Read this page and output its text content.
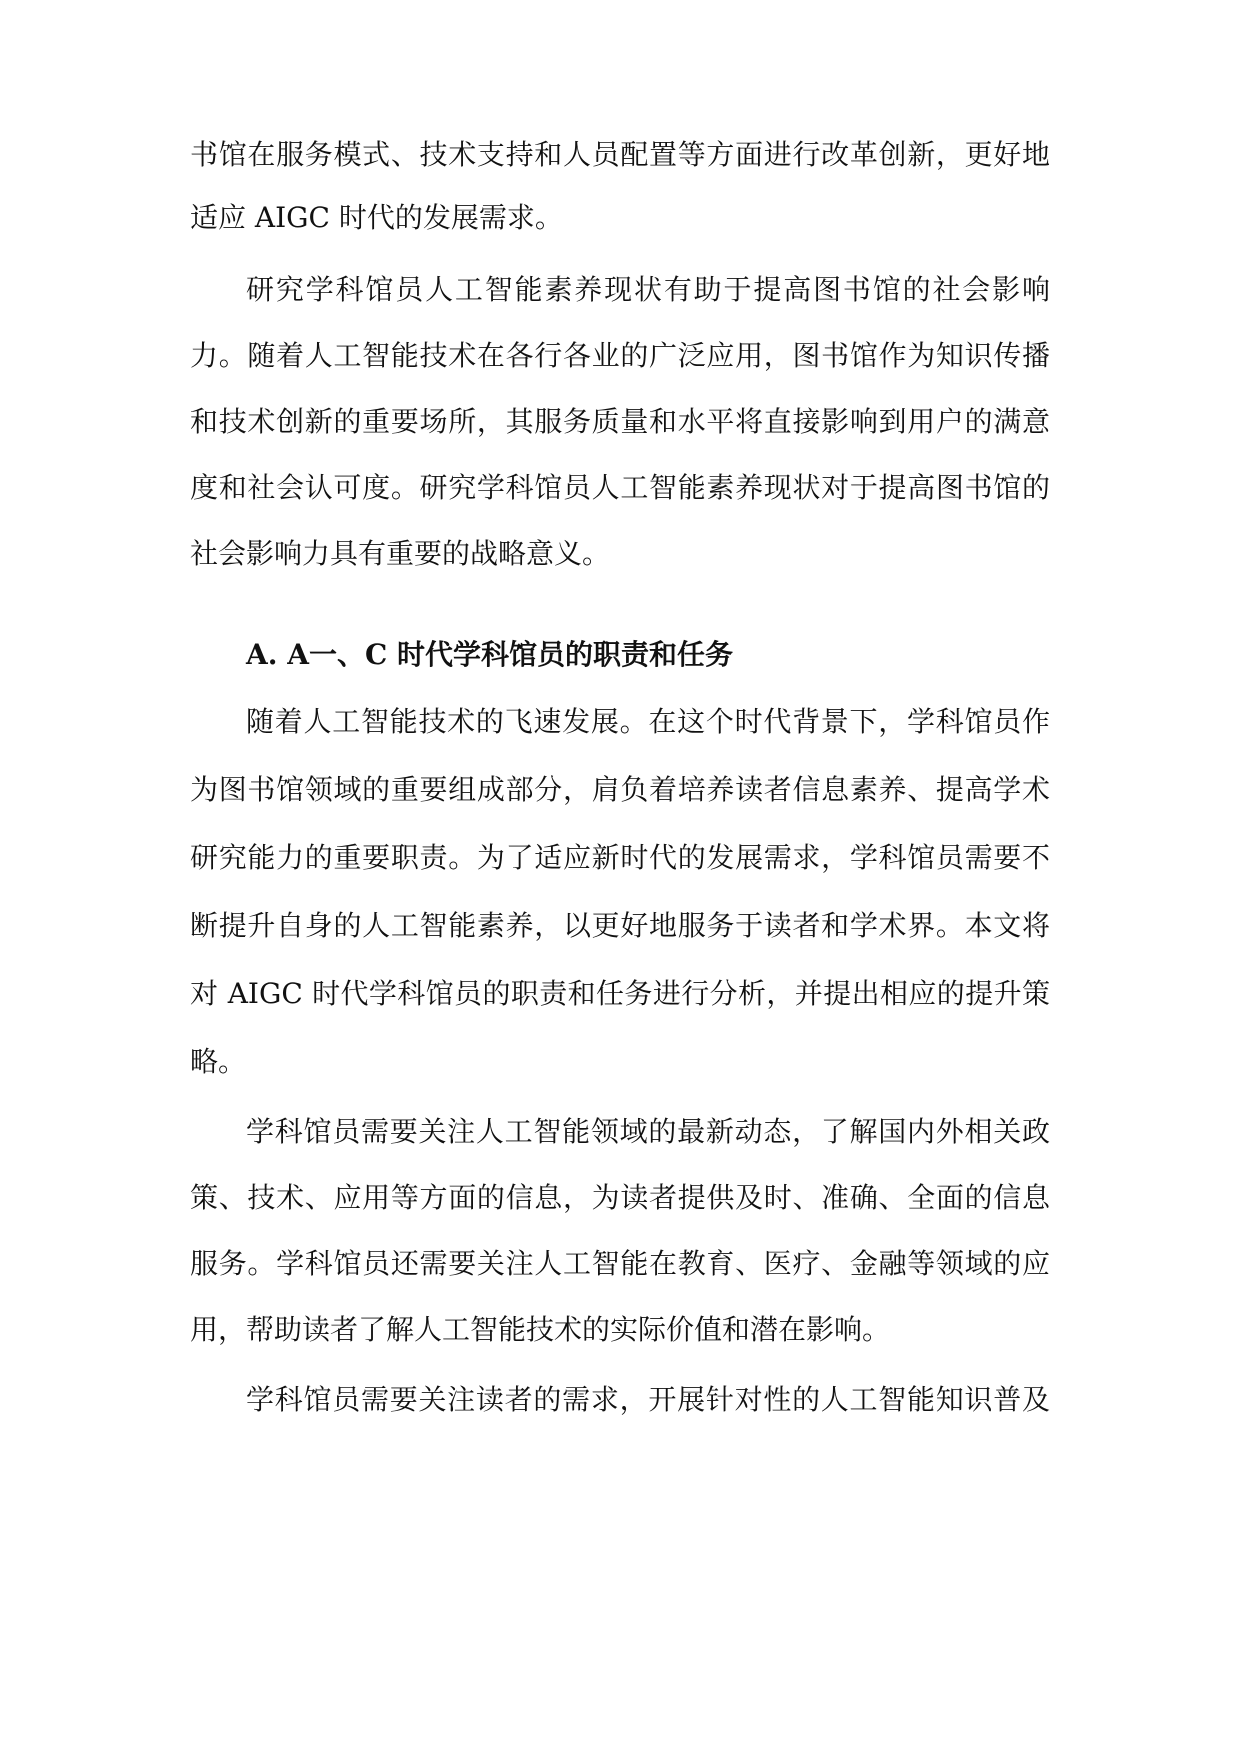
书馆在服务模式、技术支持和人员配置等方面进行改革创新，更好地
适应 AIGC 时代的发展需求。
研究学科馆员人工智能素养现状有助于提高图书馆的社会影响
力。随着人工智能技术在各行各业的广泛应用，图书馆作为知识传播
和技术创新的重要场所，其服务质量和水平将直接影响到用户的满意
度和社会认可度。研究学科馆员人工智能素养现状对于提高图书馆的
社会影响力具有重要的战略意义。
A. A一、C 时代学科馆员的职责和任务
随着人工智能技术的飞速发展。在这个时代背景下，学科馆员作
为图书馆领域的重要组成部分，肩负着培养读者信息素养、提高学术
研究能力的重要职责。为了适应新时代的发展需求，学科馆员需要不
断提升自身的人工智能素养，以更好地服务于读者和学术界。本文将
对 AIGC 时代学科馆员的职责和任务进行分析，并提出相应的提升策
略。
学科馆员需要关注人工智能领域的最新动态，了解国内外相关政
策、技术、应用等方面的信息，为读者提供及时、准确、全面的信息
服务。学科馆员还需要关注人工智能在教育、医疗、金融等领域的应
用，帮助读者了解人工智能技术的实际价值和潜在影响。
学科馆员需要关注读者的需求，开展针对性的人工智能知识普及
